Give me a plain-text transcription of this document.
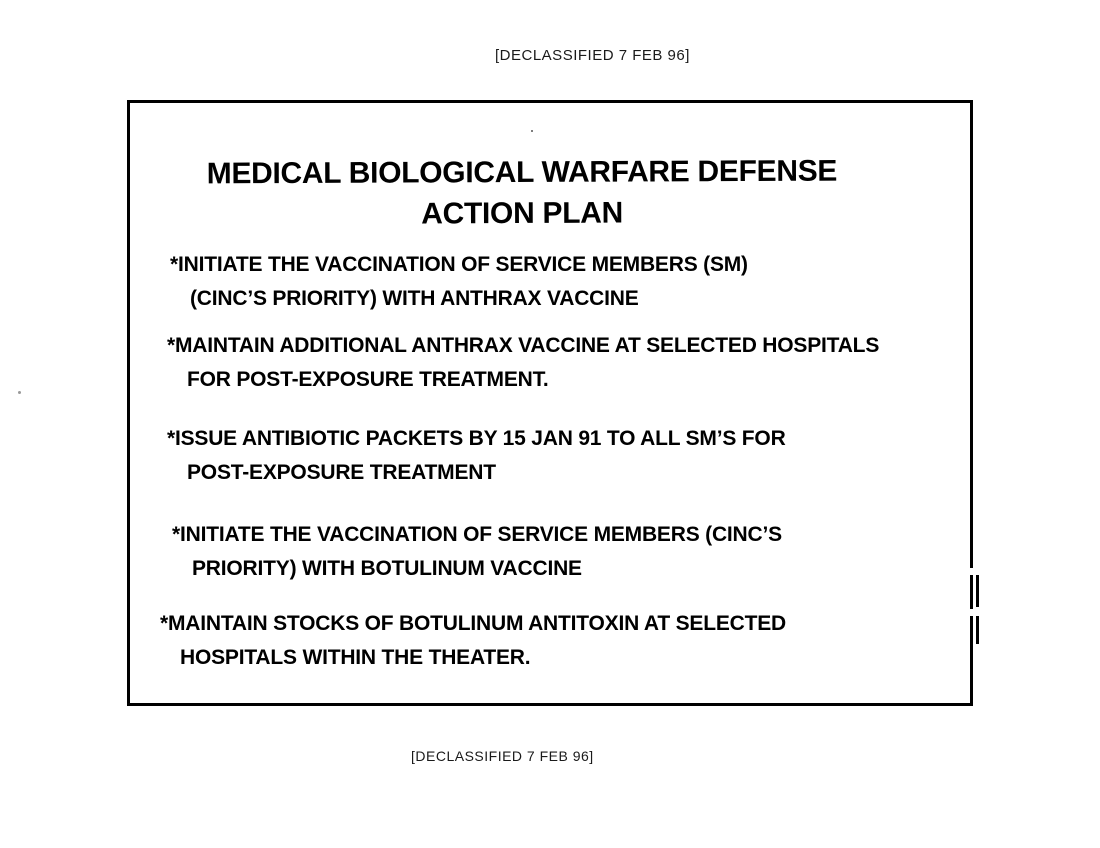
[DECLASSIFIED 7 FEB 96]
MEDICAL BIOLOGICAL WARFARE DEFENSE
ACTION PLAN
*INITIATE THE VACCINATION OF SERVICE MEMBERS (SM)
(CINC’S PRIORITY) WITH ANTHRAX VACCINE
*MAINTAIN ADDITIONAL ANTHRAX VACCINE AT SELECTED HOSPITALS
FOR POST-EXPOSURE TREATMENT.
*ISSUE ANTIBIOTIC PACKETS BY 15 JAN 91 TO ALL SM’S FOR
POST-EXPOSURE TREATMENT
*INITIATE THE VACCINATION OF SERVICE MEMBERS (CINC’S
PRIORITY) WITH BOTULINUM VACCINE
*MAINTAIN STOCKS OF BOTULINUM ANTITOXIN AT SELECTED
HOSPITALS WITHIN THE THEATER.
[DECLASSIFIED 7 FEB 96]
